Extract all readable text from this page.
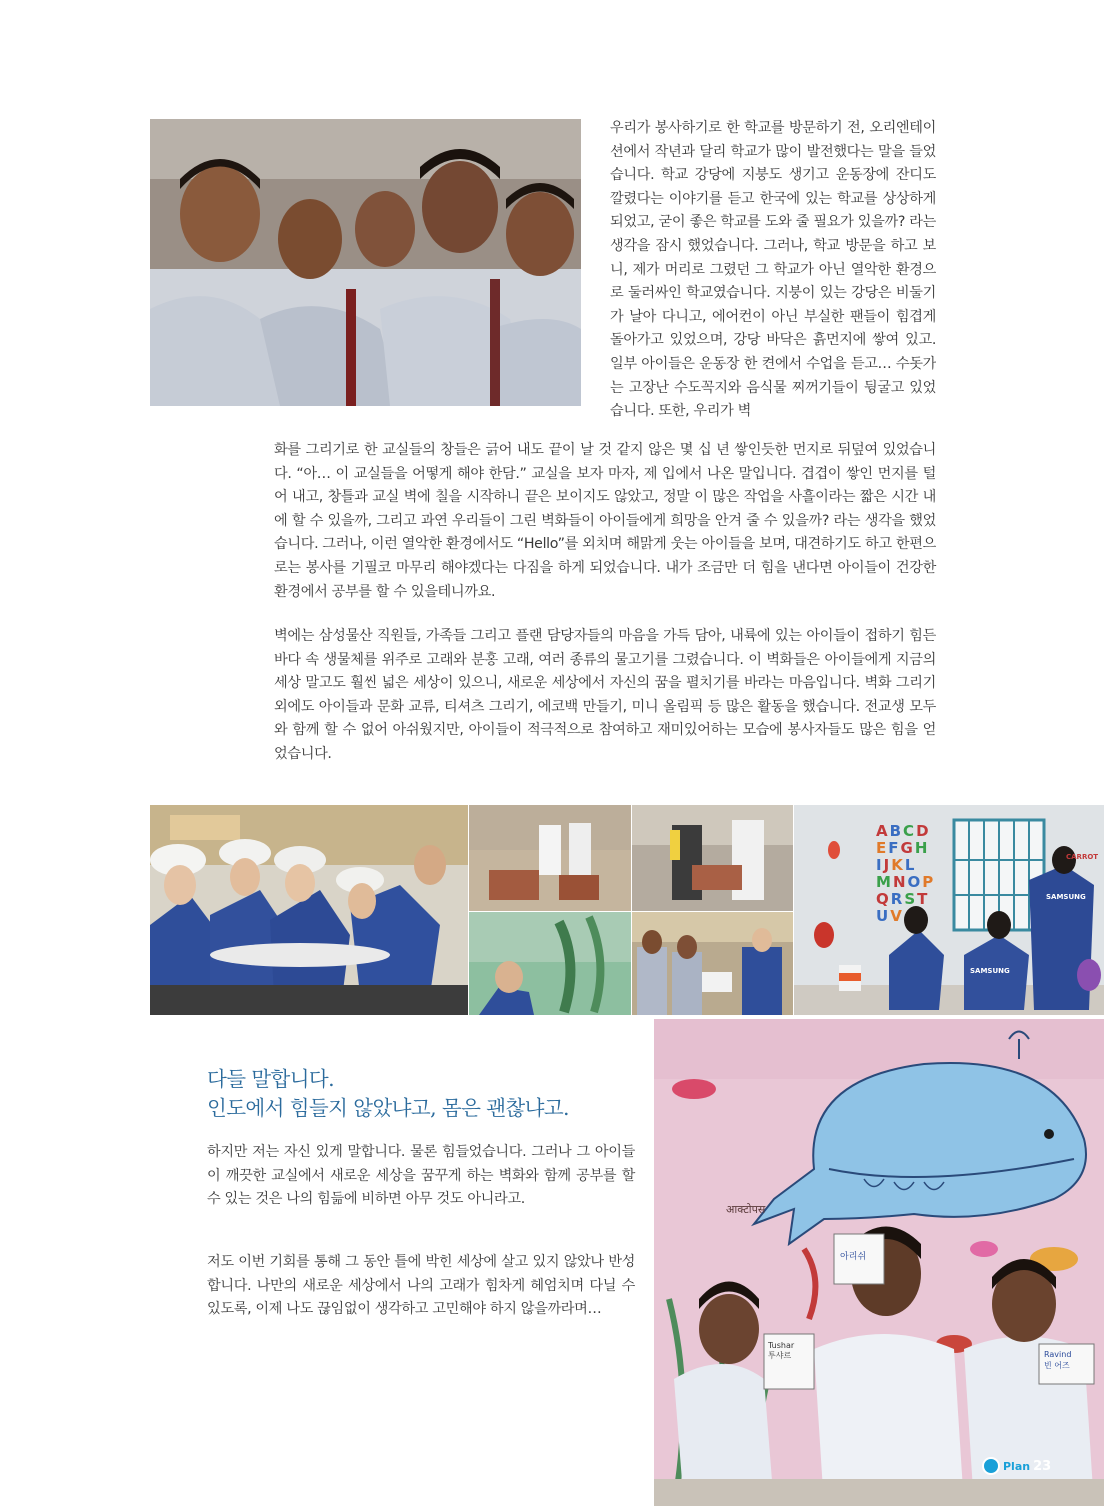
우리가 봉사하기로 한 학교를 방문하기 전, 오리엔테이션에서 작년과 달리 학교가 많이 발전했다는 말을 들었습니다. 학교 강당에 지붕도 생기고 운동장에 잔디도 깔렸다는 이야기를 듣고 한국에 있는 학교를 상상하게 되었고, 굳이 좋은 학교를 도와 줄 필요가 있을까? 라는 생각을 잠시 했었습니다. 그러나, 학교 방문을 하고 보니, 제가 머리로 그렸던 그 학교가 아닌 열악한 환경으로 둘러싸인 학교였습니다. 지붕이 있는 강당은 비둘기가 날아 다니고, 에어컨이 아닌 부실한 팬들이 힘겹게 돌아가고 있었으며, 강당 바닥은 흙먼지에 쌓여 있고. 일부 아이들은 운동장 한 켠에서 수업을 듣고… 수돗가는 고장난 수도꼭지와 음식물 찌꺼기들이 뒹굴고 있었습니다. 또한, 우리가 벽

화를 그리기로 한 교실들의 창들은 긁어 내도 끝이 날 것 같지 않은 몇 십 년 쌓인듯한 먼지로 뒤덮여 있었습니다. “아… 이 교실들을 어떻게 해야 한담.” 교실을 보자 마자, 제 입에서 나온 말입니다. 겹겹이 쌓인 먼지를 털어 내고, 창틀과 교실 벽에 칠을 시작하니 끝은 보이지도 않았고, 정말 이 많은 작업을 사흘이라는 짧은 시간 내에 할 수 있을까, 그리고 과연 우리들이 그린 벽화들이 아이들에게 희망을 안겨 줄 수 있을까? 라는 생각을 했었습니다. 그러나, 이런 열악한 환경에서도 “Hello”를 외치며 해맑게 웃는 아이들을 보며, 대견하기도 하고 한편으로는 봉사를 기필코 마무리 해야겠다는 다짐을 하게 되었습니다. 내가 조금만 더 힘을 낸다면 아이들이 건강한 환경에서 공부를 할 수 있을테니까요.

벽에는 삼성물산 직원들, 가족들 그리고 플랜 담당자들의 마음을 가득 담아, 내륙에 있는 아이들이 접하기 힘든 바다 속 생물체를 위주로 고래와 분홍 고래, 여러 종류의 물고기를 그렸습니다. 이 벽화들은 아이들에게 지금의 세상 말고도 훨씬 넓은 세상이 있으니, 새로운 세상에서 자신의 꿈을 펼치기를 바라는 마음입니다. 벽화 그리기 외에도 아이들과 문화 교류, 티셔츠 그리기, 에코백 만들기, 미니 올림픽 등 많은 활동을 했습니다. 전교생 모두와 함께 할 수 없어 아쉬웠지만, 아이들이 적극적으로 참여하고 재미있어하는 모습에 봉사자들도 많은 힘을 얻었습니다.

ABCD
EFGH
IJKL
MNOP
QRST
UV
CARROT
SAMSUNG
SAMSUNG
आक्टोपस
Tushar
투샤르
아리쉬
Ravind
빈 어즈
Plan 23

다들 말합니다.

인도에서 힘들지 않았냐고, 몸은 괜찮냐고.

하지만 저는 자신 있게 말합니다. 물론 힘들었습니다. 그러나 그 아이들이 깨끗한 교실에서 새로운 세상을 꿈꾸게 하는 벽화와 함께 공부를 할 수 있는 것은 나의 힘듦에 비하면 아무 것도 아니라고.

저도 이번 기회를 통해 그 동안 틀에 박힌 세상에 살고 있지 않았나 반성합니다. 나만의 새로운 세상에서 나의 고래가 힘차게 헤엄치며 다닐 수 있도록, 이제 나도 끊임없이 생각하고 고민해야 하지 않을까라며…
